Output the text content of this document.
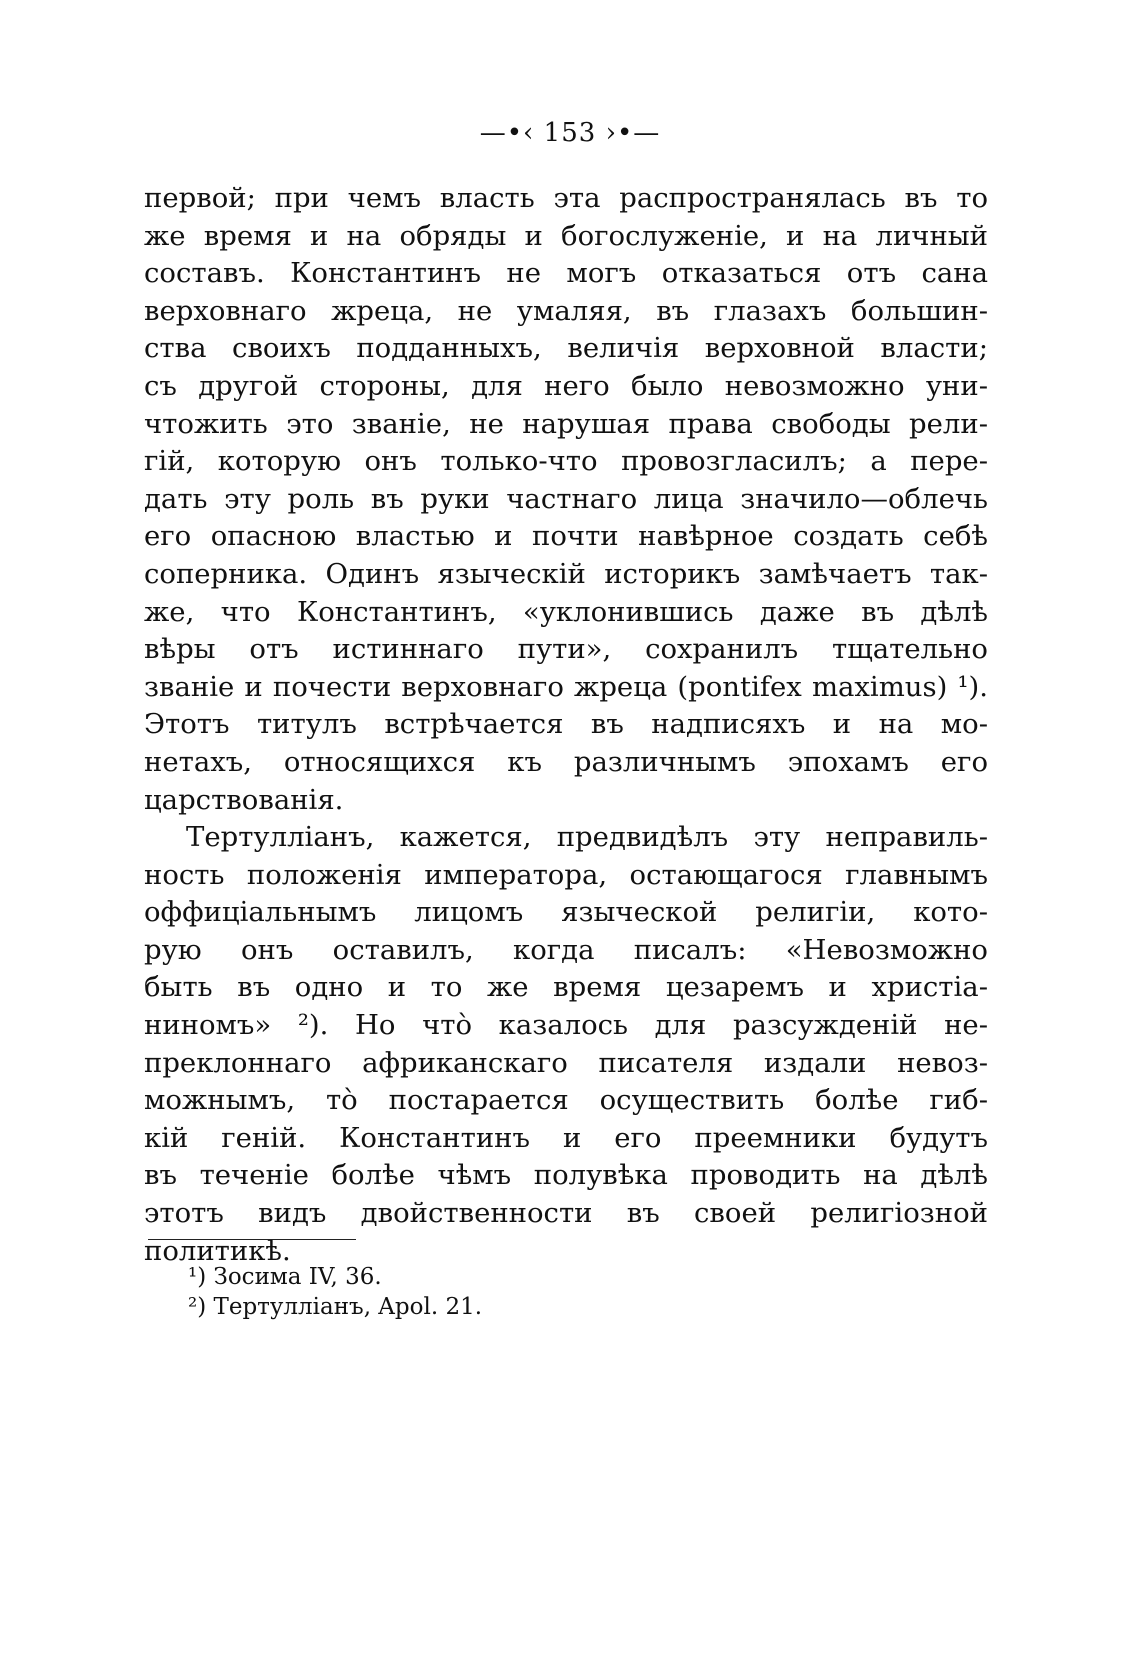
—•‹ 153 ›•—
первой; при чемъ власть эта распространялась въ то
же время и на обряды и богослуженіе, и на личный
составъ. Константинъ не могъ отказаться отъ сана
верховнаго жреца, не умаляя, въ глазахъ большин-
ства своихъ подданныхъ, величія верховной власти;
съ другой стороны, для него было невозможно уни-
чтожить это званіе, не нарушая права свободы рели-
гій, которую онъ только-что провозгласилъ; а пере-
дать эту роль въ руки частнаго лица значило—облечь
его опасною властью и почти навѣрное создать себѣ
соперника. Одинъ языческій историкъ замѣчаетъ так-
же, что Константинъ, «уклонившись даже въ дѣлѣ
вѣры отъ истиннаго пути», сохранилъ тщательно
званіе и почести верховнаго жреца (pontifex maximus) ¹).
Этотъ титулъ встрѣчается въ надписяхъ и на мо-
нетахъ, относящихся къ различнымъ эпохамъ его
царствованія.
Тертулліанъ, кажется, предвидѣлъ эту неправиль-
ность положенія императора, остающагося главнымъ
оффиціальнымъ лицомъ языческой религіи, кото-
рую онъ оставилъ, когда писалъ: «Невозможно
быть въ одно и то же время цезаремъ и христіа-
ниномъ» ²). Но что̀ казалось для разсужденій не-
преклоннаго африканскаго писателя издали невоз-
можнымъ, то̀ постарается осуществить болѣе гиб-
кій геній. Константинъ и его преемники будутъ
въ теченіе болѣе чѣмъ полувѣка проводить на дѣлѣ
этотъ видъ двойственности въ своей религіозной
политикѣ.
¹) Зосима IV, 36.
²) Тертулліанъ, Apol. 21.
